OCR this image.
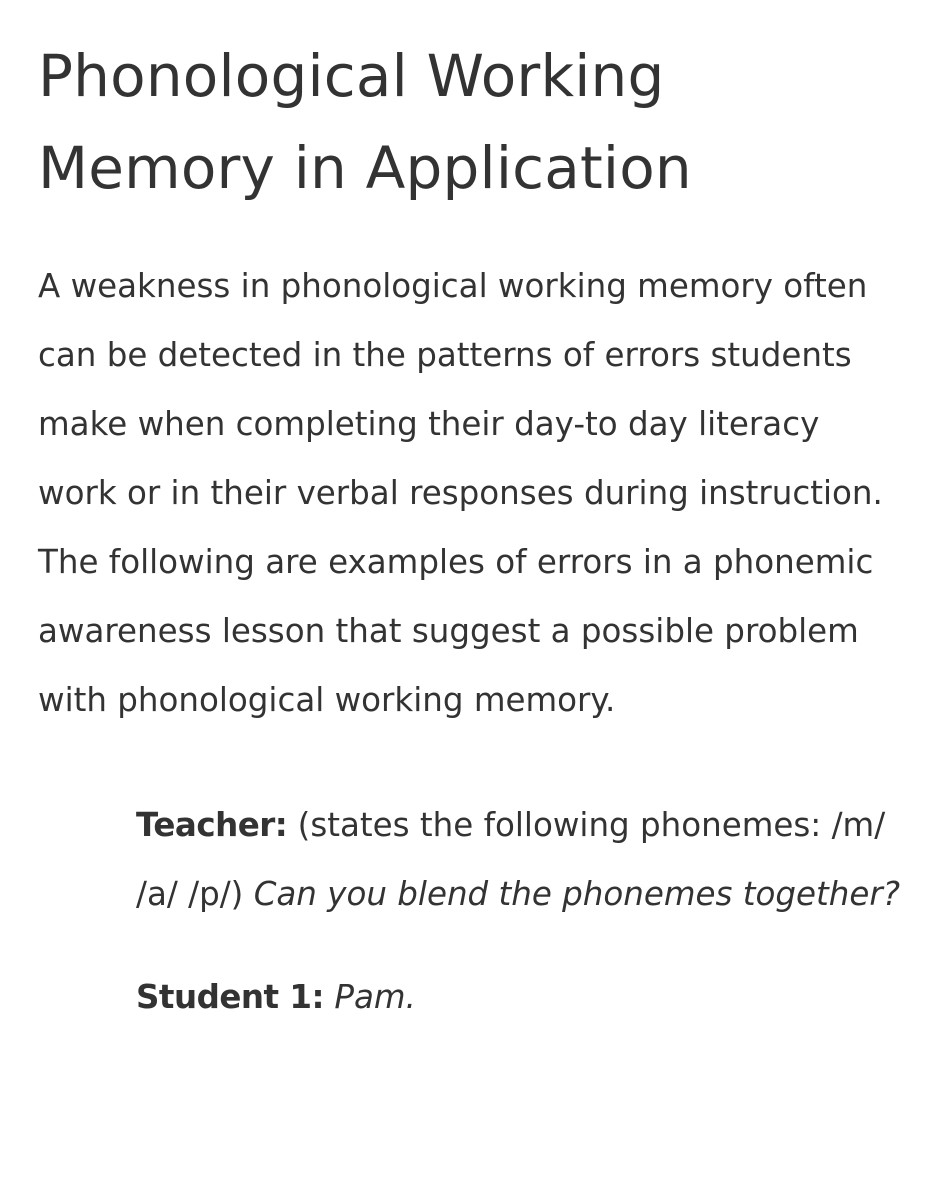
Phonological Working Memory in Application

A weakness in phonological working memory often can be detected in the patterns of errors students make when completing their day-to day literacy work or in their verbal responses during instruction. The following are examples of errors in a phonemic awareness lesson that suggest a possible problem with phonological working memory.

Teacher: (states the following phonemes: /m/ /a/ /p/) Can you blend the phonemes together?

Student 1: Pam.
